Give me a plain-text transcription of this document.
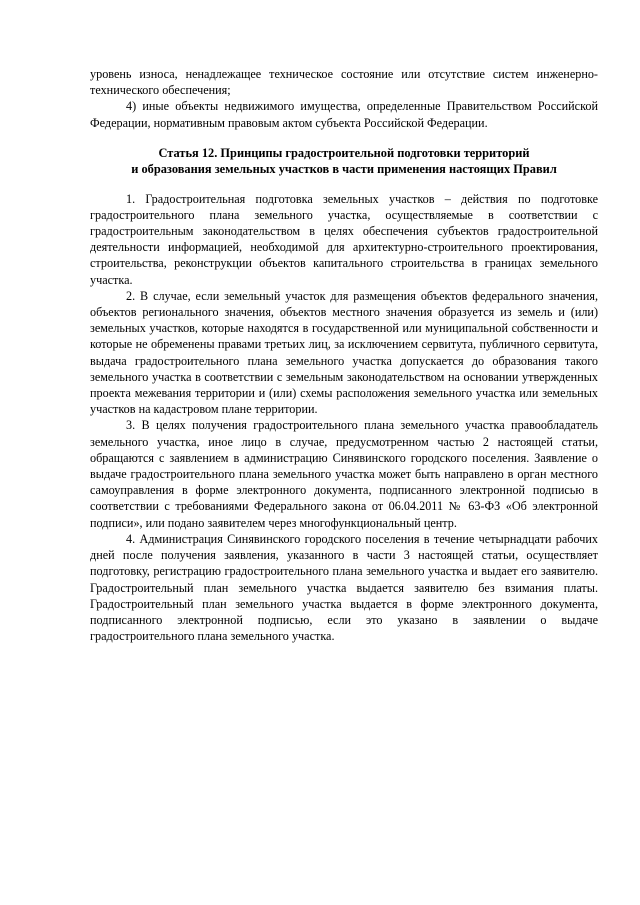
уровень износа, ненадлежащее техническое состояние или отсутствие систем инженерно-технического обеспечения;

4) иные объекты недвижимого имущества, определенные Правительством Российской Федерации, нормативным правовым актом субъекта Российской Федерации.

Статья 12. Принципы градостроительной подготовки территорий
и образования земельных участков в части применения настоящих Правил

1. Градостроительная подготовка земельных участков – действия по подготовке градостроительного плана земельного участка, осуществляемые в соответствии с градостроительным законодательством в целях обеспечения субъектов градостроительной деятельности информацией, необходимой для архитектурно-строительного проектирования, строительства, реконструкции объектов капитального строительства в границах земельного участка.

2. В случае, если земельный участок для размещения объектов федерального значения, объектов регионального значения, объектов местного значения образуется из земель и (или) земельных участков, которые находятся в государственной или муниципальной собственности и которые не обременены правами третьих лиц, за исключением сервитута, публичного сервитута, выдача градостроительного плана земельного участка допускается до образования такого земельного участка в соответствии с земельным законодательством на основании утвержденных проекта межевания территории и (или) схемы расположения земельного участка или земельных участков на кадастровом плане территории.

3. В целях получения градостроительного плана земельного участка правообладатель земельного участка, иное лицо в случае, предусмотренном частью 2 настоящей статьи, обращаются с заявлением в администрацию Синявинского городского поселения. Заявление о выдаче градостроительного плана земельного участка может быть направлено в орган местного самоуправления в форме электронного документа, подписанного электронной подписью в соответствии с требованиями Федерального закона от 06.04.2011 № 63-ФЗ «Об электронной подписи», или подано заявителем через многофункциональный центр.

4. Администрация Синявинского городского поселения в течение четырнадцати рабочих дней после получения заявления, указанного в части 3 настоящей статьи, осуществляет подготовку, регистрацию градостроительного плана земельного участка и выдает его заявителю. Градостроительный план земельного участка выдается заявителю без взимания платы. Градостроительный план земельного участка выдается в форме электронного документа, подписанного электронной подписью, если это указано в заявлении о выдаче градостроительного плана земельного участка.
